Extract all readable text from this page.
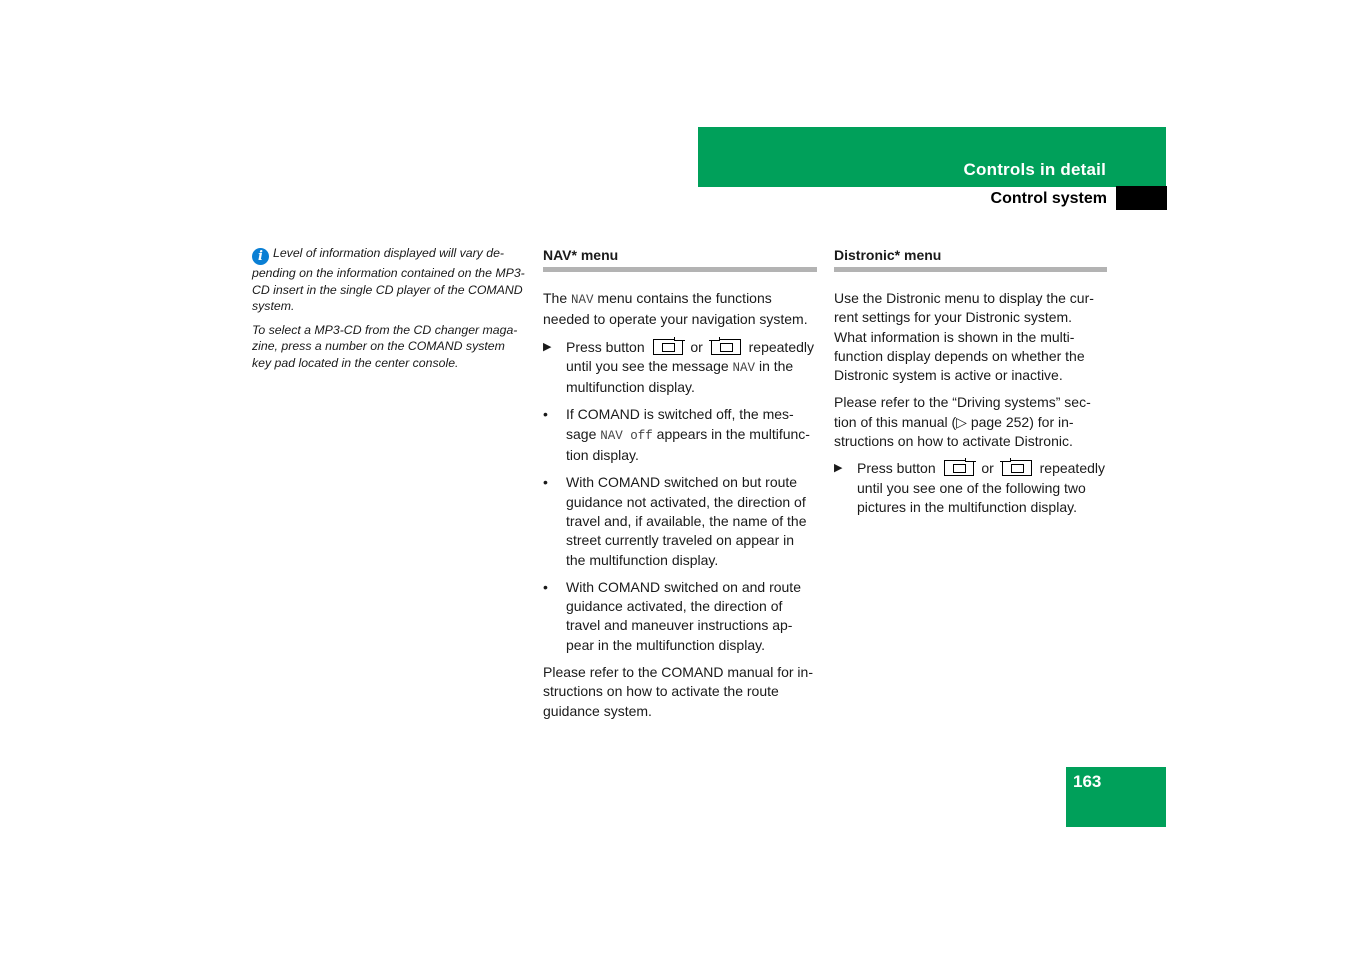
Controls in detail
Control system

i Level of information displayed will vary de-pending on the information contained on the MP3-CD insert in the single CD player of the COMAND system.

To select a MP3-CD from the CD changer maga-zine, press a number on the COMAND system key pad located in the center console.

NAV* menu

The NAV menu contains the functions needed to operate your navigation system.

▶ Press button	or	repeatedly until you see the message NAV in the multifunction display.
• If COMAND is switched off, the mes-sage NAV off appears in the multifunc-tion display.
• With COMAND switched on but route guidance not activated, the direction of travel and, if available, the name of the street currently traveled on appear in the multifunction display.
• With COMAND switched on and route guidance activated, the direction of travel and maneuver instructions ap-pear in the multifunction display.

Please refer to the COMAND manual for in-structions on how to activate the route guidance system.

Distronic* menu

Use the Distronic menu to display the cur-rent settings for your Distronic system. What information is shown in the multi-function display depends on whether the Distronic system is active or inactive.

Please refer to the “Driving systems” sec-tion of this manual (▷ page 252) for in-structions on how to activate Distronic.

▶ Press button	or	repeatedly until you see one of the following two pictures in the multifunction display.
163
